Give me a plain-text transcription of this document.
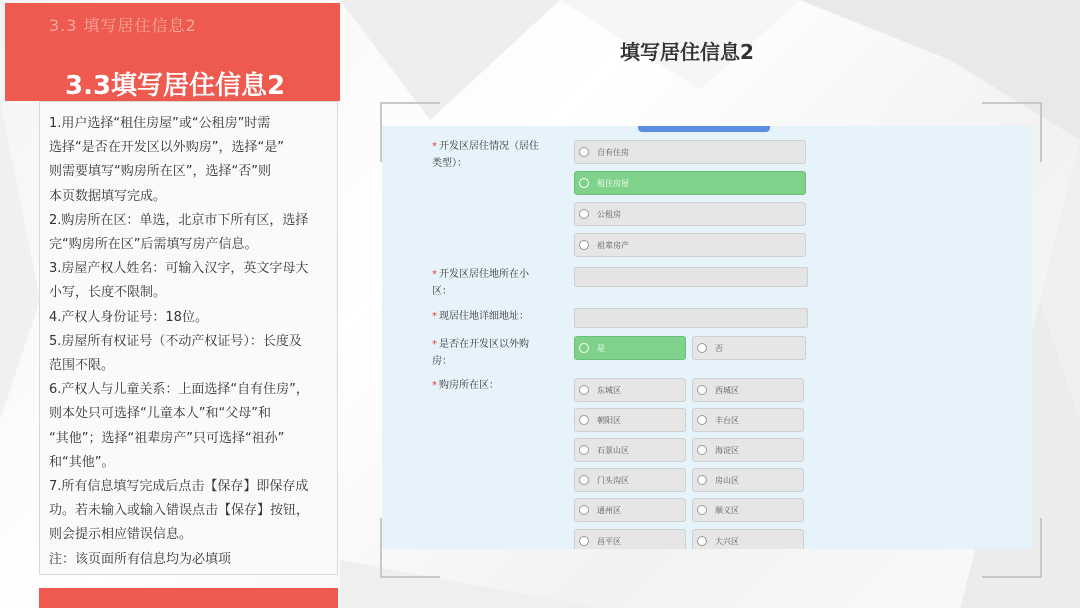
3.3 填写居住信息2
3.3填写居住信息2

1.用户选择“租住房屋”或“公租房”时需

选择“是否在开发区以外购房”，选择“是”

则需要填写“购房所在区”，选择“否”则

本页数据填写完成。

2.购房所在区：单选，北京市下所有区，选择

完“购房所在区”后需填写房产信息。

3.房屋产权人姓名：可输入汉字，英文字母大

小写，长度不限制。

4.产权人身份证号：18位。

5.房屋所有权证号（不动产权证号）：长度及

范围不限。

6.产权人与儿童关系：上面选择“自有住房”，

则本处只可选择“儿童本人”和“父母”和

“其他”；选择“祖辈房产”只可选择“祖孙”

和“其他”。

7.所有信息填写完成后点击【保存】即保存成

功。若未输入或输入错误点击【保存】按钮，

则会提示相应错误信息。

注：该页面所有信息均为必填项

填写居住信息2
* 开发区居住情况（居住
类型）：
自有住房
租住房屋
公租房
祖辈房产
* 开发区居住地所在小
区：
* 现居住地详细地址：
* 是否在开发区以外购
房：
是	否
* 购房所在区：	东城区	西城区
朝阳区	丰台区
石景山区	海淀区
门头沟区	房山区
通州区	顺义区
昌平区	大兴区
